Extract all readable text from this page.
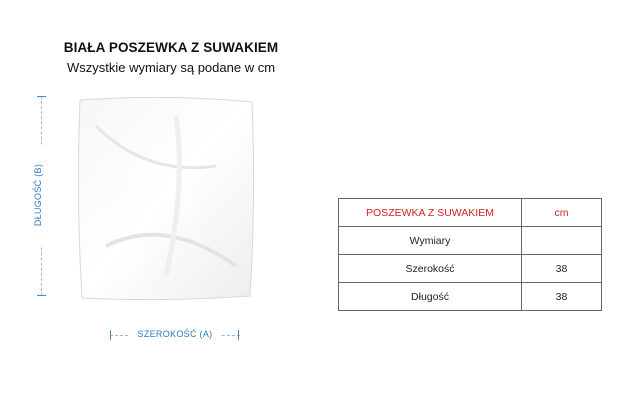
BIAŁA POSZEWKA Z SUWAKIEM
Wszystkie wymiary są podane w cm
DŁUGOŚĆ (B)
SZEROKOŚĆ (A)
POSZEWKA Z SUWAKIEM	cm
Wymiary	
Szerokość	38
Długość	38
